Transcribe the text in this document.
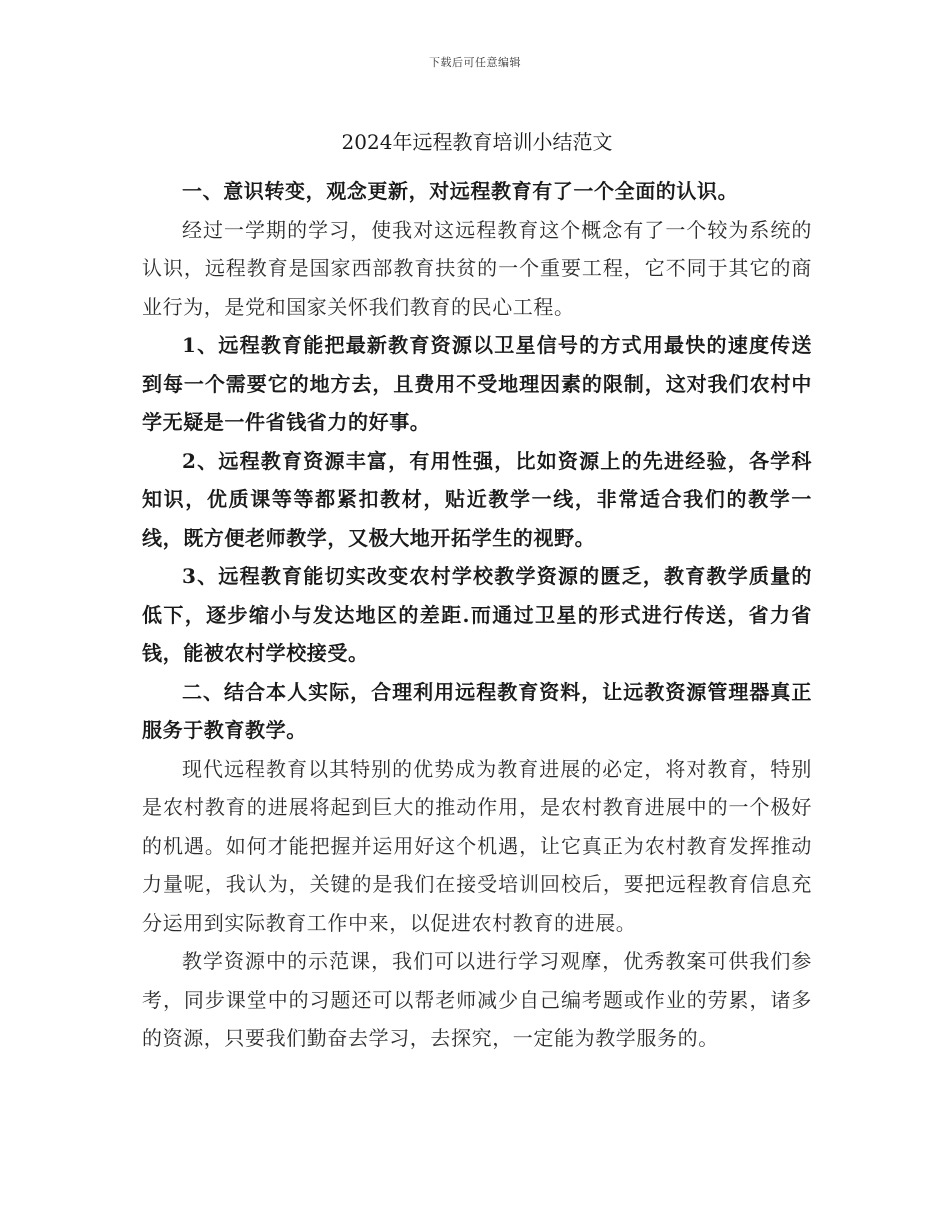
下载后可任意编辑
2024年远程教育培训小结范文

一、意识转变，观念更新，对远程教育有了一个全面的认识。

经过一学期的学习，使我对这远程教育这个概念有了一个较为系统的认识，远程教育是国家西部教育扶贫的一个重要工程，它不同于其它的商业行为，是党和国家关怀我们教育的民心工程。

1、远程教育能把最新教育资源以卫星信号的方式用最快的速度传送到每一个需要它的地方去，且费用不受地理因素的限制，这对我们农村中学无疑是一件省钱省力的好事。

2、远程教育资源丰富，有用性强，比如资源上的先进经验，各学科知识，优质课等等都紧扣教材，贴近教学一线，非常适合我们的教学一线，既方便老师教学，又极大地开拓学生的视野。

3、远程教育能切实改变农村学校教学资源的匮乏，教育教学质量的低下，逐步缩小与发达地区的差距.而通过卫星的形式进行传送，省力省钱，能被农村学校接受。

二、结合本人实际，合理利用远程教育资料，让远教资源管理器真正服务于教育教学。

现代远程教育以其特别的优势成为教育进展的必定，将对教育，特别是农村教育的进展将起到巨大的推动作用，是农村教育进展中的一个极好的机遇。如何才能把握并运用好这个机遇，让它真正为农村教育发挥推动力量呢，我认为，关键的是我们在接受培训回校后，要把远程教育信息充分运用到实际教育工作中来，以促进农村教育的进展。

教学资源中的示范课，我们可以进行学习观摩，优秀教案可供我们参考，同步课堂中的习题还可以帮老师减少自己编考题或作业的劳累，诸多的资源，只要我们勤奋去学习，去探究，一定能为教学服务的。
